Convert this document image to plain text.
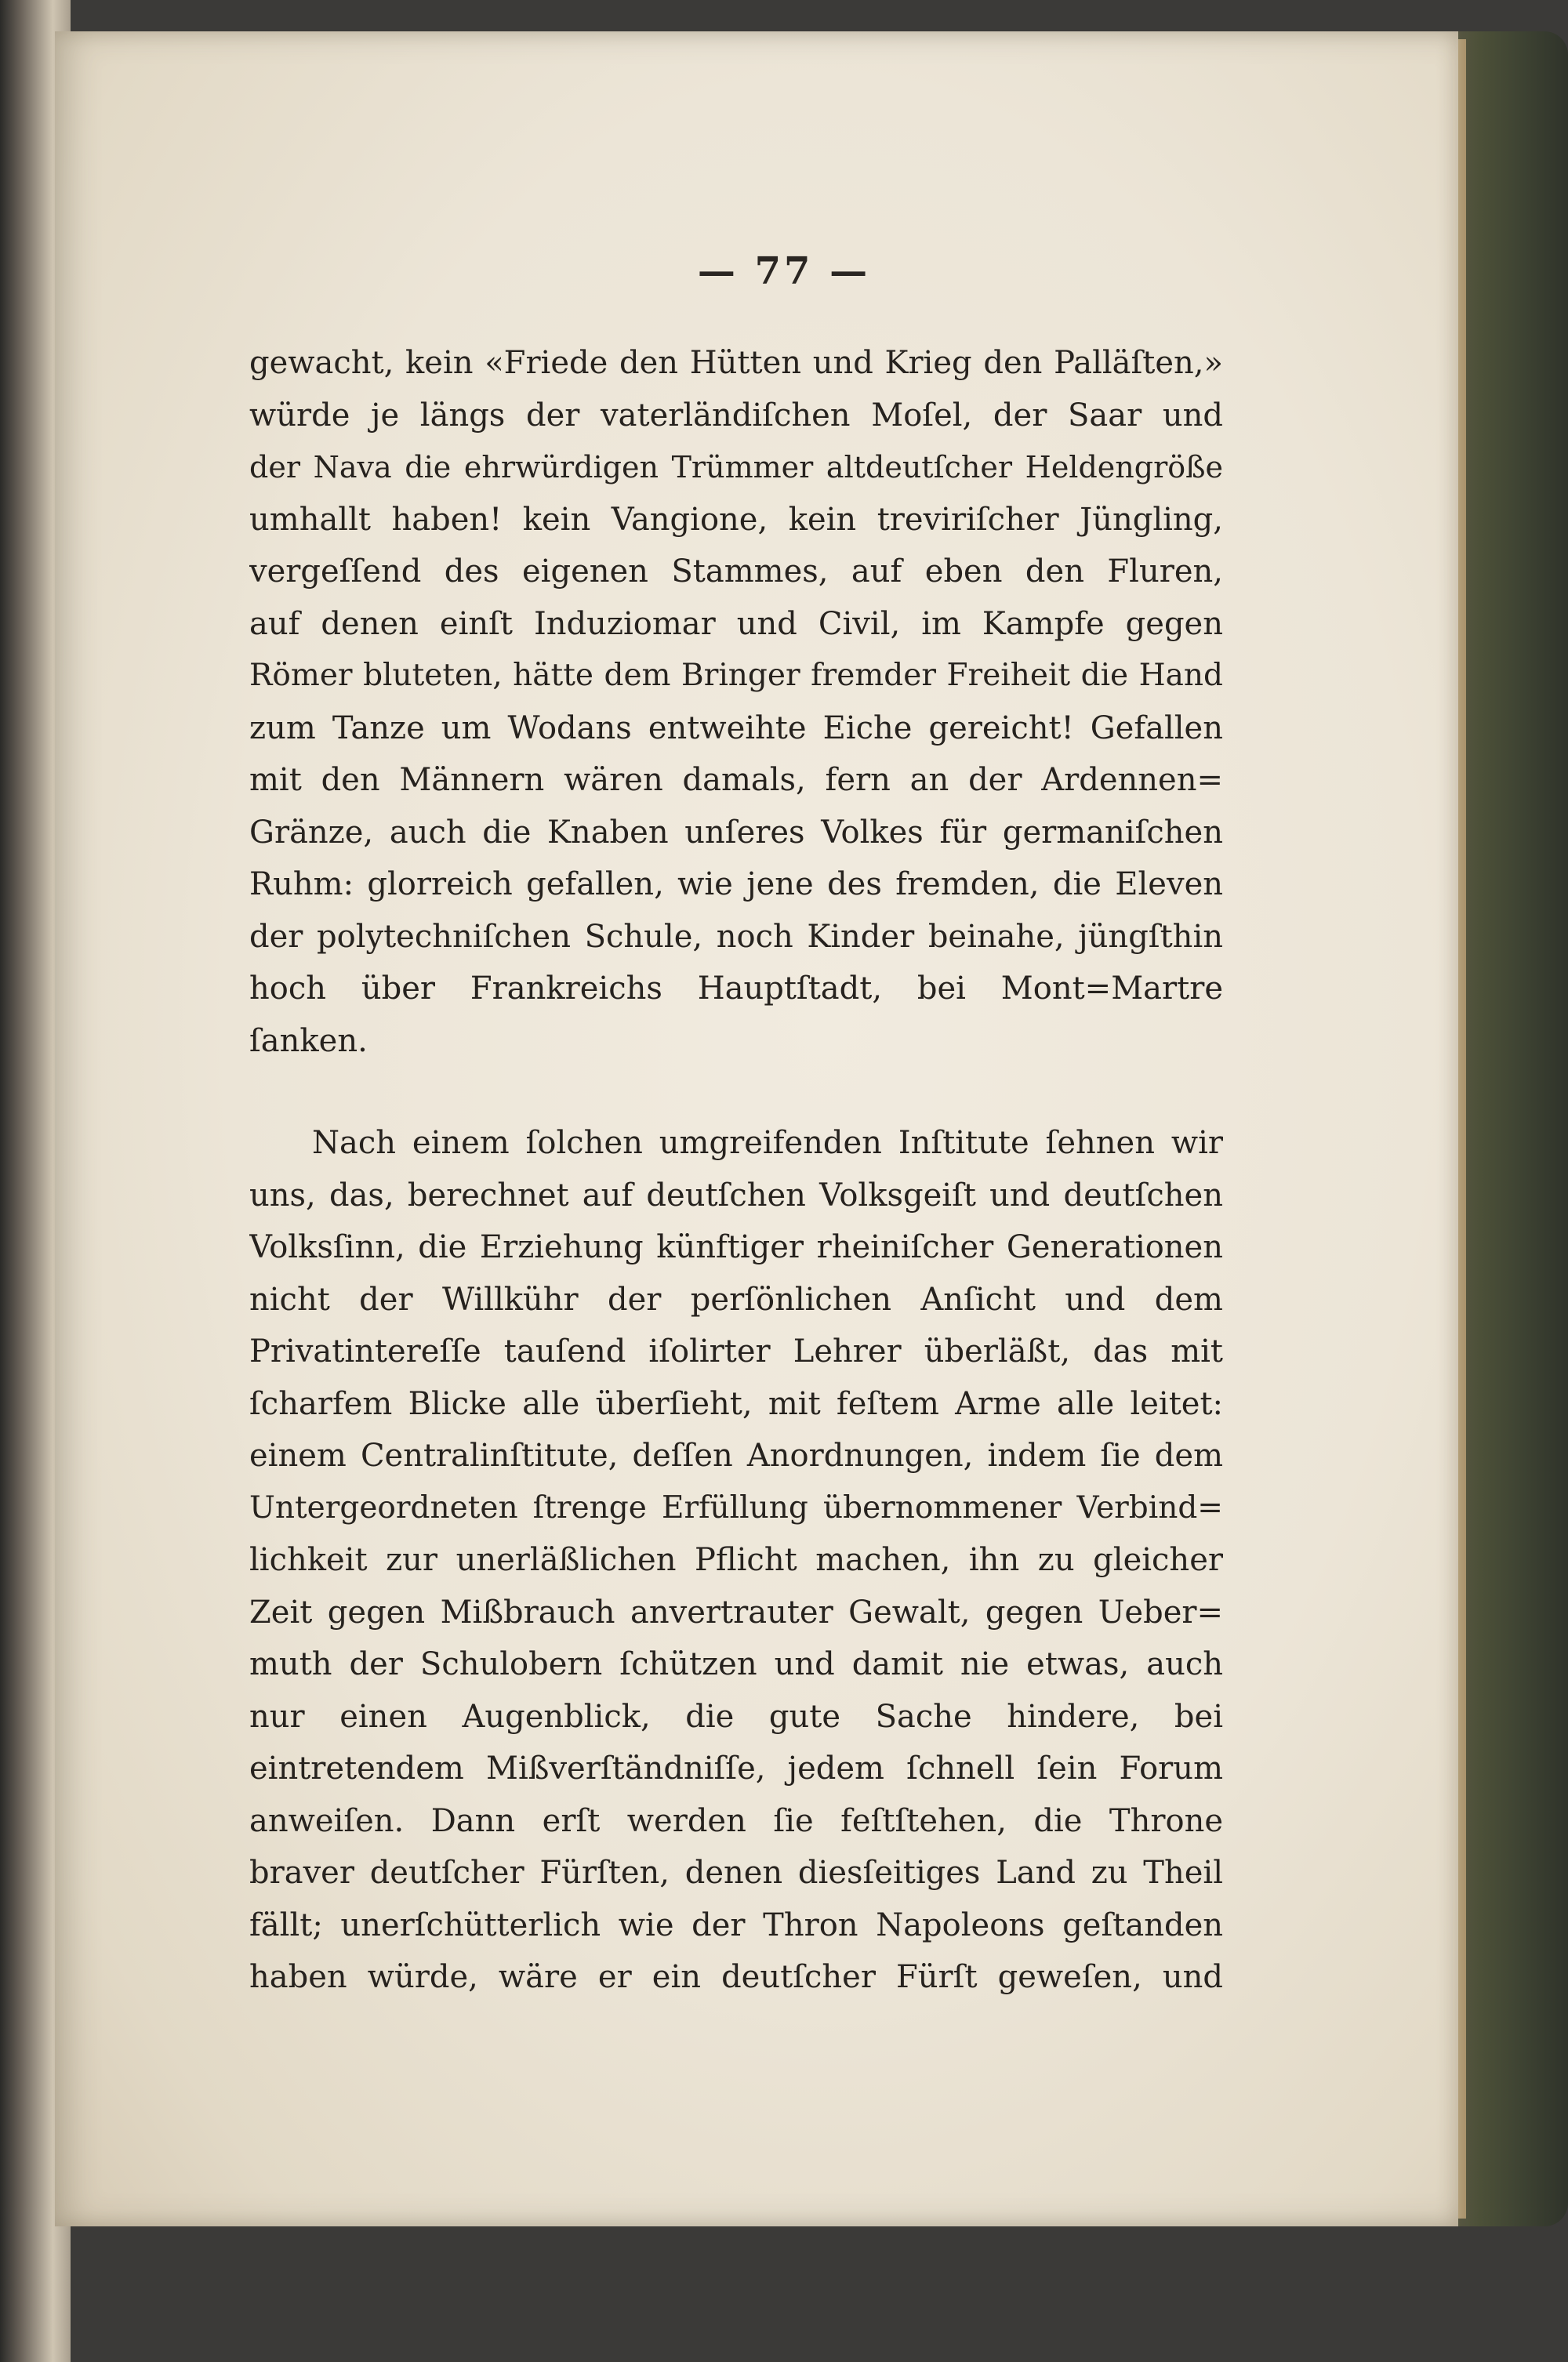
— 77 —
gewacht, kein «Friede den Hütten und Krieg den Palläſten,»
würde je längs der vaterländiſchen Moſel, der Saar und
der Nava die ehrwürdigen Trümmer altdeutſcher Heldengröße
umhallt haben! kein Vangione, kein treviriſcher Jüngling,
vergeſſend des eigenen Stammes, auf eben den Fluren,
auf denen einſt Induziomar und Civil, im Kampfe gegen
Römer bluteten, hätte dem Bringer fremder Freiheit die Hand
zum Tanze um Wodans entweihte Eiche gereicht! Gefallen
mit den Männern wären damals, fern an der Ardennen=
Gränze, auch die Knaben unſeres Volkes für germaniſchen
Ruhm: glorreich gefallen, wie jene des fremden, die Eleven
der polytechniſchen Schule, noch Kinder beinahe, jüngſthin
hoch über Frankreichs Hauptſtadt, bei Mont=Martre
ſanken.
Nach einem ſolchen umgreifenden Inſtitute ſehnen wir
uns, das, berechnet auf deutſchen Volksgeiſt und deutſchen
Volksſinn, die Erziehung künftiger rheiniſcher Generationen
nicht der Willkühr der perſönlichen Anſicht und dem
Privatintereſſe tauſend iſolirter Lehrer überläßt, das mit
ſcharfem Blicke alle überſieht, mit feſtem Arme alle leitet:
einem Centralinſtitute, deſſen Anordnungen, indem ſie dem
Untergeordneten ſtrenge Erfüllung übernommener Verbind=
lichkeit zur unerläßlichen Pflicht machen, ihn zu gleicher
Zeit gegen Mißbrauch anvertrauter Gewalt, gegen Ueber=
muth der Schulobern ſchützen und damit nie etwas, auch
nur einen Augenblick, die gute Sache hindere, bei
eintretendem Mißverſtändniſſe, jedem ſchnell ſein Forum
anweiſen. Dann erſt werden ſie feſtſtehen, die Throne
braver deutſcher Fürſten, denen diesſeitiges Land zu Theil
fällt; unerſchütterlich wie der Thron Napoleons geſtanden
haben würde, wäre er ein deutſcher Fürſt geweſen, und
